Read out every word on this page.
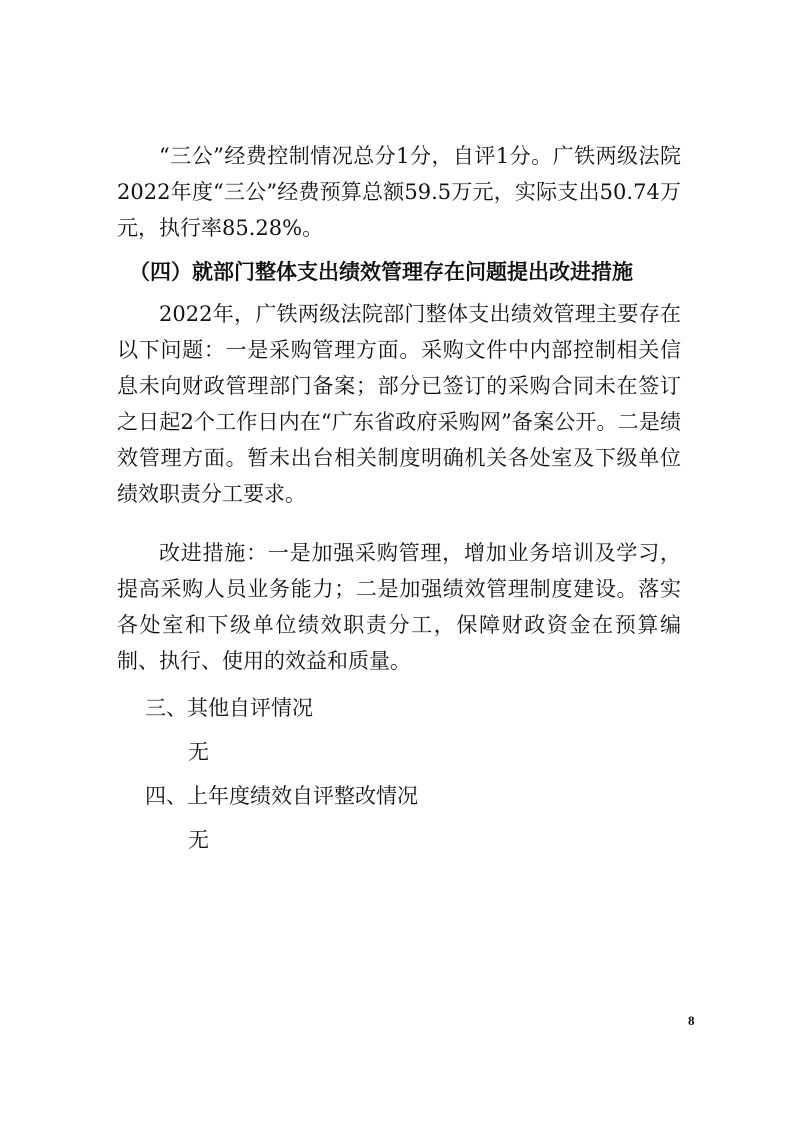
“三公”经费控制情况总分1分，自评1分。广铁两级法院2022年度“三公”经费预算总额59.5万元，实际支出50.74万元，执行率85.28%。

（四）就部门整体支出绩效管理存在问题提出改进措施

2022年，广铁两级法院部门整体支出绩效管理主要存在以下问题：一是采购管理方面。采购文件中内部控制相关信息未向财政管理部门备案；部分已签订的采购合同未在签订之日起2个工作日内在“广东省政府采购网”备案公开。二是绩效管理方面。暂未出台相关制度明确机关各处室及下级单位绩效职责分工要求。

改进措施：一是加强采购管理，增加业务培训及学习，提高采购人员业务能力；二是加强绩效管理制度建设。落实各处室和下级单位绩效职责分工，保障财政资金在预算编制、执行、使用的效益和质量。

三、其他自评情况

无

四、上年度绩效自评整改情况

无

8
